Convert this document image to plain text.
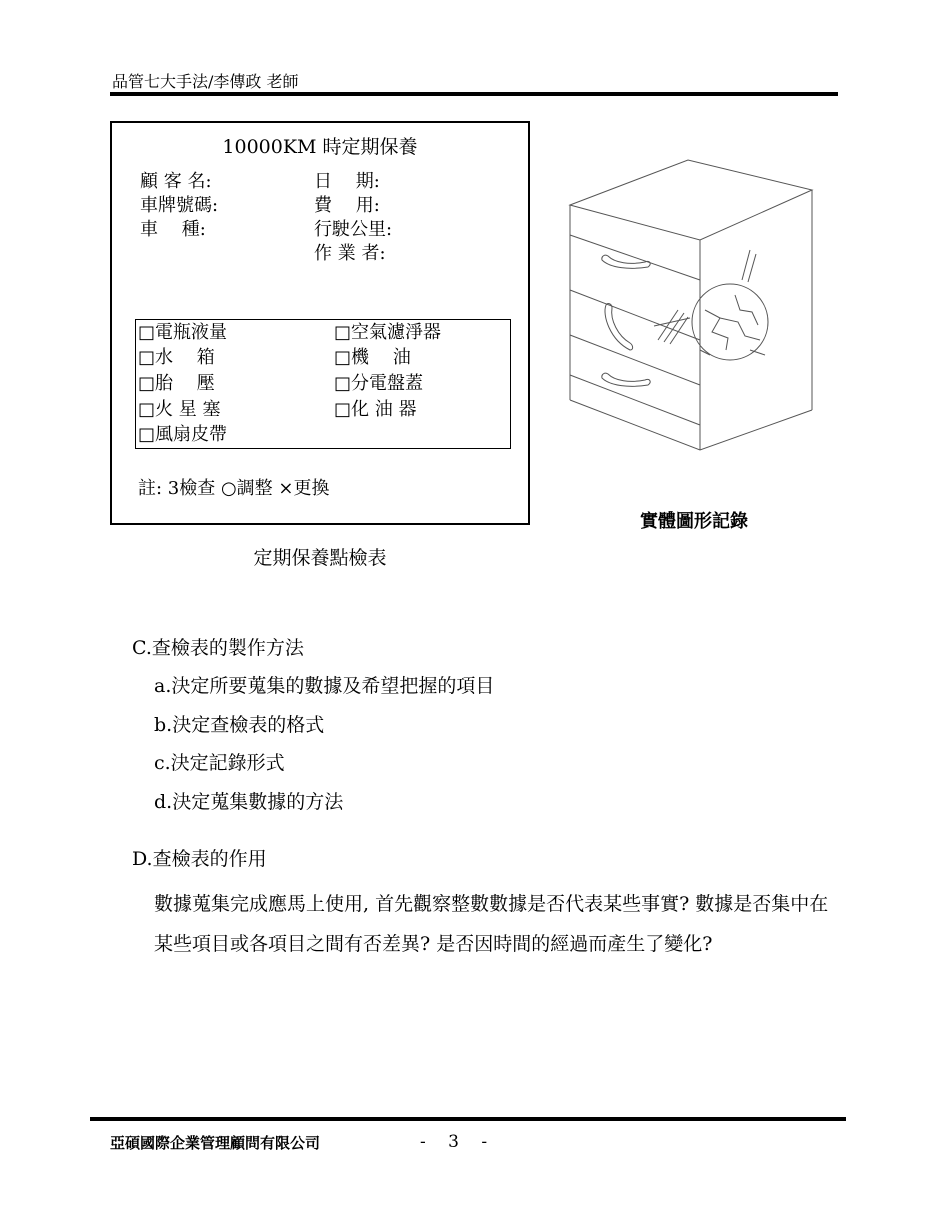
品管七大手法/李傳政 老師
10000KM 時定期保養
顧 客 名:
車牌號碼:
車　 種:
日　 期:
費　 用:
行駛公里:
作 業 者:
□電瓶液量
□水　 箱
□胎　 壓
□火 星 塞
□風扇皮帶
□空氣濾淨器
□機　 油
□分電盤蓋
□化 油 器
註: 3檢查 ○調整 ×更換
定期保養點檢表
實體圖形記錄
C.查檢表的製作方法
a.決定所要蒐集的數據及希望把握的項目
b.決定查檢表的格式
c.決定記錄形式
d.決定蒐集數據的方法
D.查檢表的作用
數據蒐集完成應馬上使用, 首先觀察整數數據是否代表某些事實? 數據是否集中在某些項目或各項目之間有否差異? 是否因時間的經過而產生了變化?
亞碩國際企業管理顧問有限公司	-　 3　 -
